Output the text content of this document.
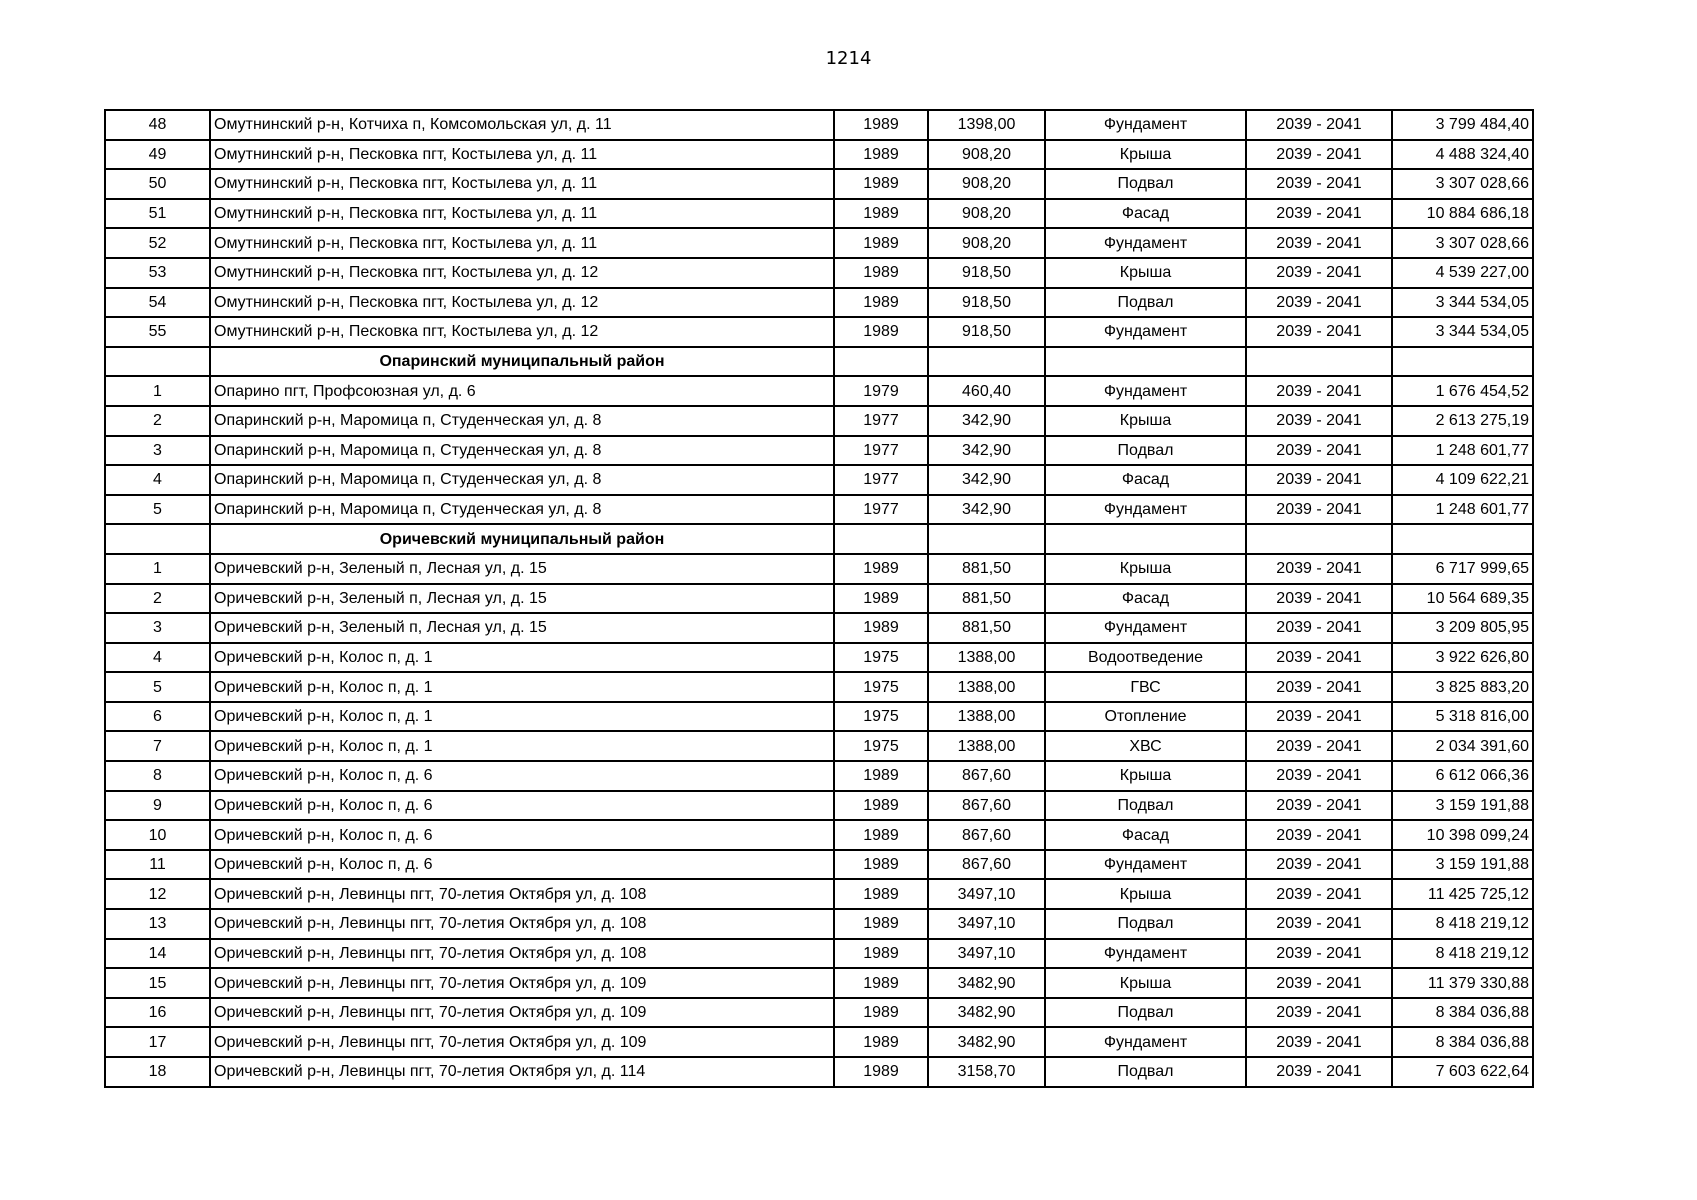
1214
48	Омутнинский р-н, Котчиха п, Комсомольская ул, д. 11	1989	1398,00	Фундамент	2039 - 2041	3 799 484,40
49	Омутнинский р-н, Песковка пгт, Костылева ул, д. 11	1989	908,20	Крыша	2039 - 2041	4 488 324,40
50	Омутнинский р-н, Песковка пгт, Костылева ул, д. 11	1989	908,20	Подвал	2039 - 2041	3 307 028,66
51	Омутнинский р-н, Песковка пгт, Костылева ул, д. 11	1989	908,20	Фасад	2039 - 2041	10 884 686,18
52	Омутнинский р-н, Песковка пгт, Костылева ул, д. 11	1989	908,20	Фундамент	2039 - 2041	3 307 028,66
53	Омутнинский р-н, Песковка пгт, Костылева ул, д. 12	1989	918,50	Крыша	2039 - 2041	4 539 227,00
54	Омутнинский р-н, Песковка пгт, Костылева ул, д. 12	1989	918,50	Подвал	2039 - 2041	3 344 534,05
55	Омутнинский р-н, Песковка пгт, Костылева ул, д. 12	1989	918,50	Фундамент	2039 - 2041	3 344 534,05
	Опаринский муниципальный район					
1	Опарино пгт, Профсоюзная ул, д. 6	1979	460,40	Фундамент	2039 - 2041	1 676 454,52
2	Опаринский р-н, Маромица п, Студенческая ул, д. 8	1977	342,90	Крыша	2039 - 2041	2 613 275,19
3	Опаринский р-н, Маромица п, Студенческая ул, д. 8	1977	342,90	Подвал	2039 - 2041	1 248 601,77
4	Опаринский р-н, Маромица п, Студенческая ул, д. 8	1977	342,90	Фасад	2039 - 2041	4 109 622,21
5	Опаринский р-н, Маромица п, Студенческая ул, д. 8	1977	342,90	Фундамент	2039 - 2041	1 248 601,77
	Оричевский муниципальный район					
1	Оричевский р-н, Зеленый п, Лесная ул, д. 15	1989	881,50	Крыша	2039 - 2041	6 717 999,65
2	Оричевский р-н, Зеленый п, Лесная ул, д. 15	1989	881,50	Фасад	2039 - 2041	10 564 689,35
3	Оричевский р-н, Зеленый п, Лесная ул, д. 15	1989	881,50	Фундамент	2039 - 2041	3 209 805,95
4	Оричевский р-н, Колос п, д. 1	1975	1388,00	Водоотведение	2039 - 2041	3 922 626,80
5	Оричевский р-н, Колос п, д. 1	1975	1388,00	ГВС	2039 - 2041	3 825 883,20
6	Оричевский р-н, Колос п, д. 1	1975	1388,00	Отопление	2039 - 2041	5 318 816,00
7	Оричевский р-н, Колос п, д. 1	1975	1388,00	ХВС	2039 - 2041	2 034 391,60
8	Оричевский р-н, Колос п, д. 6	1989	867,60	Крыша	2039 - 2041	6 612 066,36
9	Оричевский р-н, Колос п, д. 6	1989	867,60	Подвал	2039 - 2041	3 159 191,88
10	Оричевский р-н, Колос п, д. 6	1989	867,60	Фасад	2039 - 2041	10 398 099,24
11	Оричевский р-н, Колос п, д. 6	1989	867,60	Фундамент	2039 - 2041	3 159 191,88
12	Оричевский р-н, Левинцы пгт, 70-летия Октября ул, д. 108	1989	3497,10	Крыша	2039 - 2041	11 425 725,12
13	Оричевский р-н, Левинцы пгт, 70-летия Октября ул, д. 108	1989	3497,10	Подвал	2039 - 2041	8 418 219,12
14	Оричевский р-н, Левинцы пгт, 70-летия Октября ул, д. 108	1989	3497,10	Фундамент	2039 - 2041	8 418 219,12
15	Оричевский р-н, Левинцы пгт, 70-летия Октября ул, д. 109	1989	3482,90	Крыша	2039 - 2041	11 379 330,88
16	Оричевский р-н, Левинцы пгт, 70-летия Октября ул, д. 109	1989	3482,90	Подвал	2039 - 2041	8 384 036,88
17	Оричевский р-н, Левинцы пгт, 70-летия Октября ул, д. 109	1989	3482,90	Фундамент	2039 - 2041	8 384 036,88
18	Оричевский р-н, Левинцы пгт, 70-летия Октября ул, д. 114	1989	3158,70	Подвал	2039 - 2041	7 603 622,64
